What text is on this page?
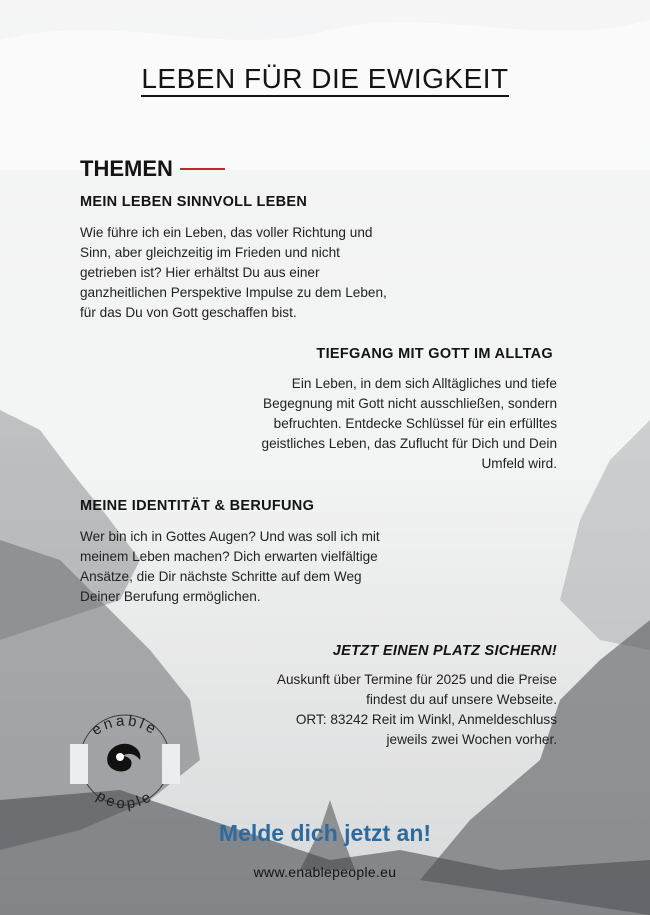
LEBEN FÜR DIE EWIGKEIT
THEMEN
MEIN LEBEN SINNVOLL LEBEN
Wie führe ich ein Leben, das voller Richtung und
Sinn, aber gleichzeitig im Frieden und nicht
getrieben ist? Hier erhältst Du aus einer
ganzheitlichen Perspektive Impulse zu dem Leben,
für das Du von Gott geschaffen bist.
TIEFGANG MIT GOTT IM ALLTAG
Ein Leben, in dem sich Alltägliches und tiefe
Begegnung mit Gott nicht ausschließen, sondern
befruchten. Entdecke Schlüssel für ein erfülltes
geistliches Leben, das Zuflucht für Dich und Dein
Umfeld wird.
MEINE IDENTITÄT & BERUFUNG
Wer bin ich in Gottes Augen? Und was soll ich mit
meinem Leben machen? Dich erwarten vielfältige
Ansätze, die Dir nächste Schritte auf dem Weg
Deiner Berufung ermöglichen.
JETZT EINEN PLATZ SICHERN!
Auskunft über Termine für 2025 und die Preise
findest du auf unsere Webseite.
ORT: 83242 Reit im Winkl, Anmeldeschluss
jeweils zwei Wochen vorher.
enable
people
Melde dich jetzt an!
www.enablepeople.eu
